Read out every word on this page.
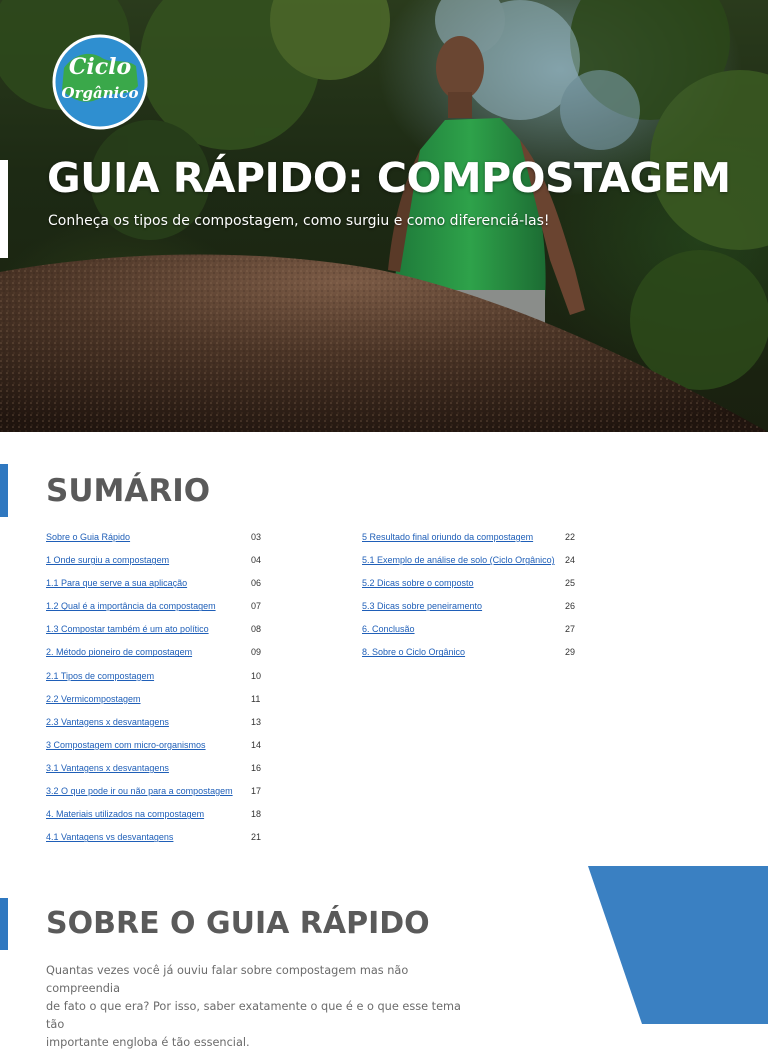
Ciclo
Orgânico
GUIA RÁPIDO: COMPOSTAGEM

Conheça os tipos de compostagem, como surgiu e como diferenciá-las!

SUMÁRIO
Sobre o Guia Rápido	03
1 Onde surgiu a compostagem	04
1.1 Para que serve a sua aplicação	06
1.2 Qual é a importância da compostagem	07
1.3 Compostar também é um ato político	08
2. Método pioneiro de compostagem	09
2.1 Tipos de compostagem	10
2.2 Vermicompostagem	11
2.3 Vantagens x desvantagens	13
3 Compostagem com micro-organismos	14
3.1 Vantagens x desvantagens	16
3.2 O que pode ir ou não para a compostagem 17
4. Materiais utilizados na compostagem	18
4.1 Vantagens vs desvantagens	21
5 Resultado final oriundo da compostagem	22
5.1 Exemplo de análise de solo (Ciclo Orgânico) 24
5.2 Dicas sobre o composto	25
5.3 Dicas sobre peneiramento	26
6. Conclusão	27
8. Sobre o Ciclo Orgânico	29
SOBRE O GUIA RÁPIDO
Quantas vezes você já ouviu falar sobre compostagem mas não compreendia
de fato o que era? Por isso, saber exatamente o que é e o que esse tema tão
importante engloba é tão essencial.
